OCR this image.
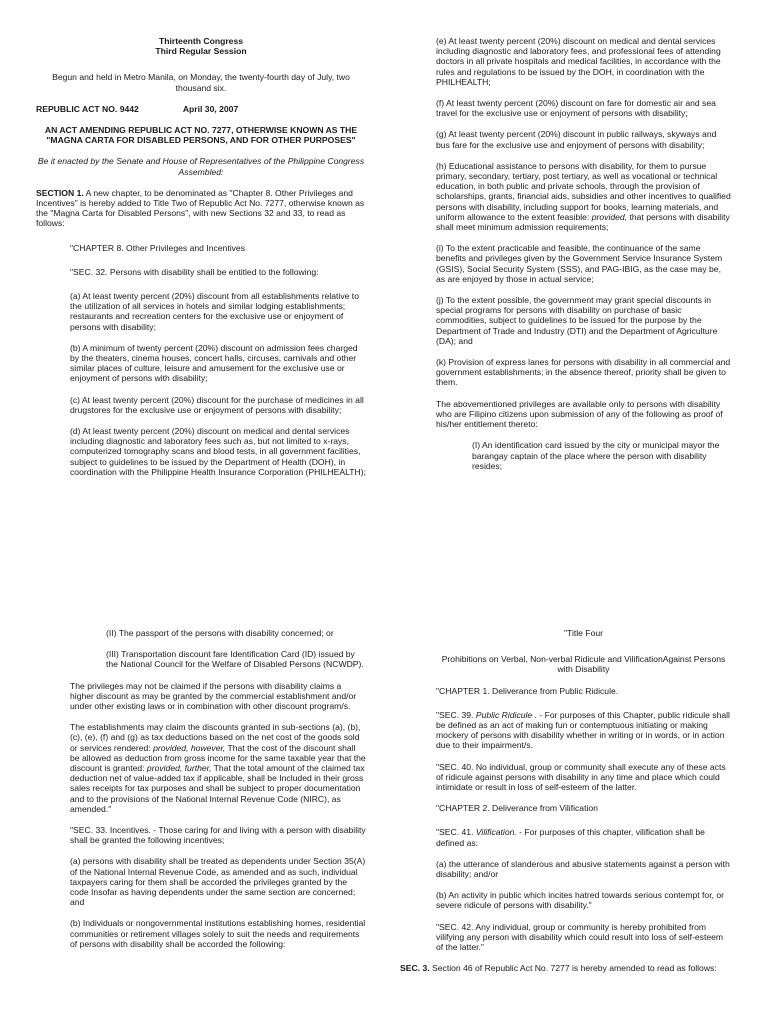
Thirteenth Congress

Third Regular Session

Begun and held in Metro Manila, on Monday, the twenty-fourth day of July, two thousand six.

REPUBLIC ACT NO. 9442	April 30, 2007

AN ACT AMENDING REPUBLIC ACT NO. 7277, OTHERWISE KNOWN AS THE "MAGNA CARTA FOR DISABLED PERSONS, AND FOR OTHER PURPOSES"

Be it enacted by the Senate and House of Representatives of the Philippine Congress Assembled:

SECTION 1. A new chapter, to be denominated as "Chapter 8. Other Privileges and Incentives" is hereby added to Title Two of Republic Act No. 7277, otherwise known as the "Magna Carta for Disabled Persons", with new Sections 32 and 33, to read as follows:

"CHAPTER 8. Other Privileges and Incentives

"SEC. 32. Persons with disability shall be entitled to the following:

(a) At least twenty percent (20%) discount from all establishments relative to the utilization of all services in hotels and similar lodging establishments; restaurants and recreation centers for the exclusive use or enjoyment of persons with disability;

(b) A minimum of twenty percent (20%) discount on admission fees charged by the theaters, cinema houses, concert halls, circuses, carnivals and other similar places of culture, leisure and amusement for the exclusive use or enjoyment of persons with disability;

(c) At least twenty percent (20%) discount for the purchase of medicines in all drugstores for the exclusive use or enjoyment of persons with disability;

(d) At least twenty percent (20%) discount on medical and dental services including diagnostic and laboratory fees such as, but not limited to x-rays, computerized tomography scans and blood tests, in all government facilities, subject to guidelines to be issued by the Department of Health (DOH), in coordination with the Philippine Health Insurance Corporation (PHILHEALTH);

(e) At least twenty percent (20%) discount on medical and dental services including diagnostic and laboratory fees, and professional fees of attending doctors in all private hospitals and medical facilities, in accordance with the rules and regulations to be issued by the DOH, in coordination with the PHILHEALTH;

(f) At least twenty percent (20%) discount on fare for domestic air and sea travel for the exclusive use or enjoyment of persons with disability;

(g) At least twenty percent (20%) discount in public railways, skyways and bus fare for the exclusive use and enjoyment of persons with disability;

(h) Educational assistance to persons with disability, for them to pursue primary, secondary, tertiary, post tertiary, as well as vocational or technical education, in both public and private schools, through the provision of scholarships, grants, financial aids, subsidies and other incentives to qualified persons with disability, including support for books, learning materials, and uniform allowance to the extent feasible: provided, that persons with disability shall meet minimum admission requirements;

(i) To the extent practicable and feasible, the continuance of the same benefits and privileges given by the Government Service Insurance System (GSIS), Social Security System (SSS), and PAG-IBIG, as the case may be, as are enjoyed by those in actual service;

(j) To the extent possible, the government may grant special discounts in special programs for persons with disability on purchase of basic commodities, subject to guidelines to be issued for the purpose by the Department of Trade and Industry (DTI) and the Department of Agriculture (DA); and

(k) Provision of express lanes for persons with disability in all commercial and government establishments; in the absence thereof, priority shall be given to them.

The abovementioned privileges are available only to persons with disability who are Filipino citizens upon submission of any of the following as proof of his/her entitlement thereto:

(I) An identification card issued by the city or municipal mayor the barangay captain of the place where the person with disability resides;

(II) The passport of the persons with disability concerned; or

(III) Transportation discount fare Identification Card (ID) issued by the National Council for the Welfare of Disabled Persons (NCWDP).

The privileges may not be claimed if the persons with disability claims a higher discount as may be granted by the commercial establishment and/or under other existing laws or in combination with other discount program/s.

The establishments may claim the discounts granted in sub-sections (a), (b), (c), (e), (f) and (g) as tax deductions based on the net cost of the goods sold or services rendered: provided, however, That the cost of the discount shall be allowed as deduction from gross income for the same taxable year that the discount is granted: provided, further, That the total amount of the claimed tax deduction net of value-added tax if applicable, shall be Included in their gross sales receipts for tax purposes and shall be subject to proper documentation and to the provisions of the National Internal Revenue Code (NIRC), as amended."

"SEC. 33. Incentives. - Those caring for and living with a person with disability shall be granted the following incentives;

(a) persons with disability shall be treated as dependents under Section 35(A) of the National Internal Revenue Code, as amended and as such, individual taxpayers caring for them shall be accorded the privileges granted by the code Insofar as having dependents under the same section are concerned; and

(b) Individuals or nongovernmental institutions establishing homes, residential communities or retirement villages solely to suit the needs and requirements of persons with disability shall be accorded the following:

"Title Four

Prohibitions on Verbal, Non-verbal Ridicule and VilificationAgainst Persons with Disability

"CHAPTER 1. Deliverance from Public Ridicule.

"SEC. 39. Public Ridicule . - For purposes of this Chapter, public ridicule shall be defined as an act of making fun or contemptuous initiating or making mockery of persons with disability whether in writing or in words, or in action due to their impairment/s.

"SEC. 40. No individual, group or community shall execute any of these acts of ridicule against persons with disability in any time and place which could intimidate or result in loss of self-esteem of the latter.

"CHAPTER 2. Deliverance from Vilification

"SEC. 41. Vilification. - For purposes of this chapter, vilification shall be defined as:

(a) the utterance of slanderous and abusive statements against a person with disability; and/or

(b) An activity in public which incites hatred towards serious contempt for, or severe ridicule of persons with disability."

"SEC. 42. Any individual, group or community is hereby prohibited from vilifying any person with disability which could result into loss of self-esteem of the latter."

SEC. 3. Section 46 of Republic Act No. 7277 is hereby amended to read as follows:
